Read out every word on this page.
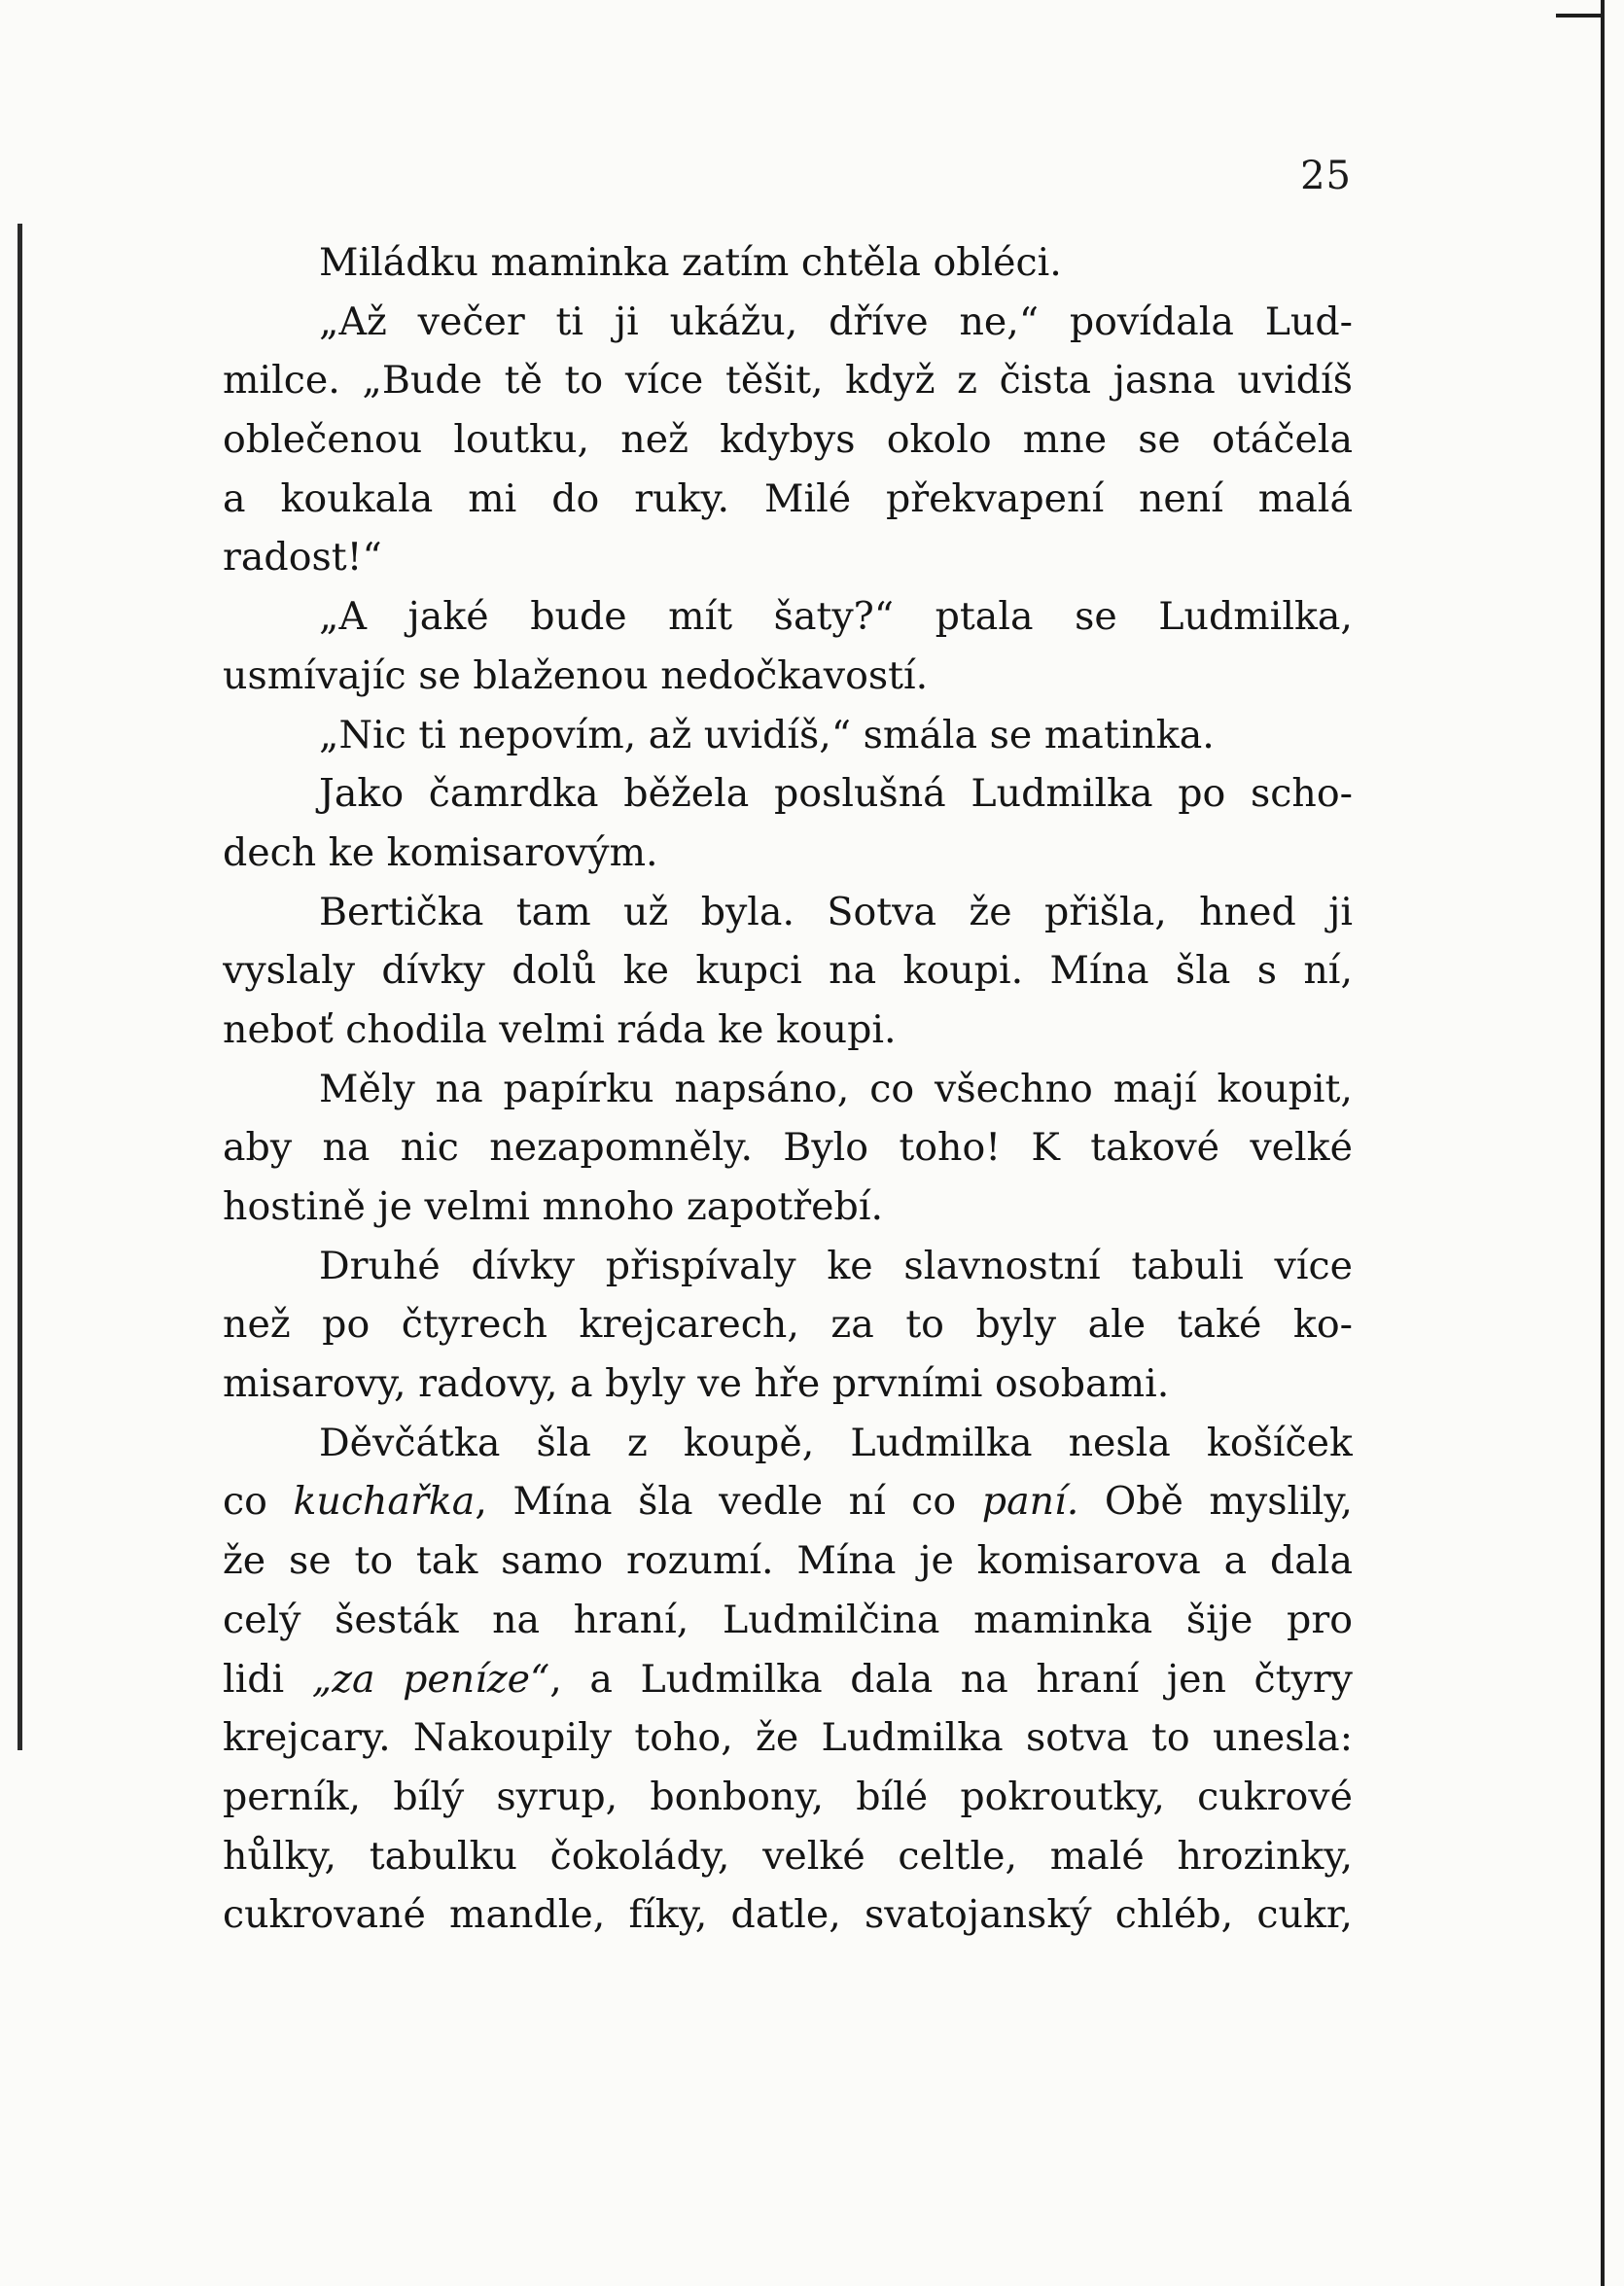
25
Miládku maminka zatím chtěla obléci.
„Až večer ti ji ukážu, dříve ne,“ povídala Lud-
milce. „Bude tě to více těšit, když z čista jasna uvidíš
oblečenou loutku, než kdybys okolo mne se otáčela
a koukala mi do ruky. Milé překvapení není malá
radost!“
„A jaké bude mít šaty?“ ptala se Ludmilka,
usmívajíc se blaženou nedočkavostí.
„Nic ti nepovím, až uvidíš,“ smála se matinka.
Jako čamrdka běžela poslušná Ludmilka po scho-
dech ke komisarovým.
Bertička tam už byla. Sotva že přišla, hned ji
vyslaly dívky dolů ke kupci na koupi. Mína šla s ní,
neboť chodila velmi ráda ke koupi.
Měly na papírku napsáno, co všechno mají koupit,
aby na nic nezapomněly. Bylo toho! K takové velké
hostině je velmi mnoho zapotřebí.
Druhé dívky přispívaly ke slavnostní tabuli více
než po čtyrech krejcarech, za to byly ale také ko-
misarovy, radovy, a byly ve hře prvními osobami.
Děvčátka šla z koupě, Ludmilka nesla košíček
co kuchařka, Mína šla vedle ní co paní. Obě myslily,
že se to tak samo rozumí. Mína je komisarova a dala
celý šesták na hraní, Ludmilčina maminka šije pro
lidi „za peníze“, a Ludmilka dala na hraní jen čtyry
krejcary. Nakoupily toho, že Ludmilka sotva to unesla:
perník, bílý syrup, bonbony, bílé pokroutky, cukrové
hůlky, tabulku čokolády, velké celtle, malé hrozinky,
cukrované mandle, fíky, datle, svatojanský chléb, cukr,
